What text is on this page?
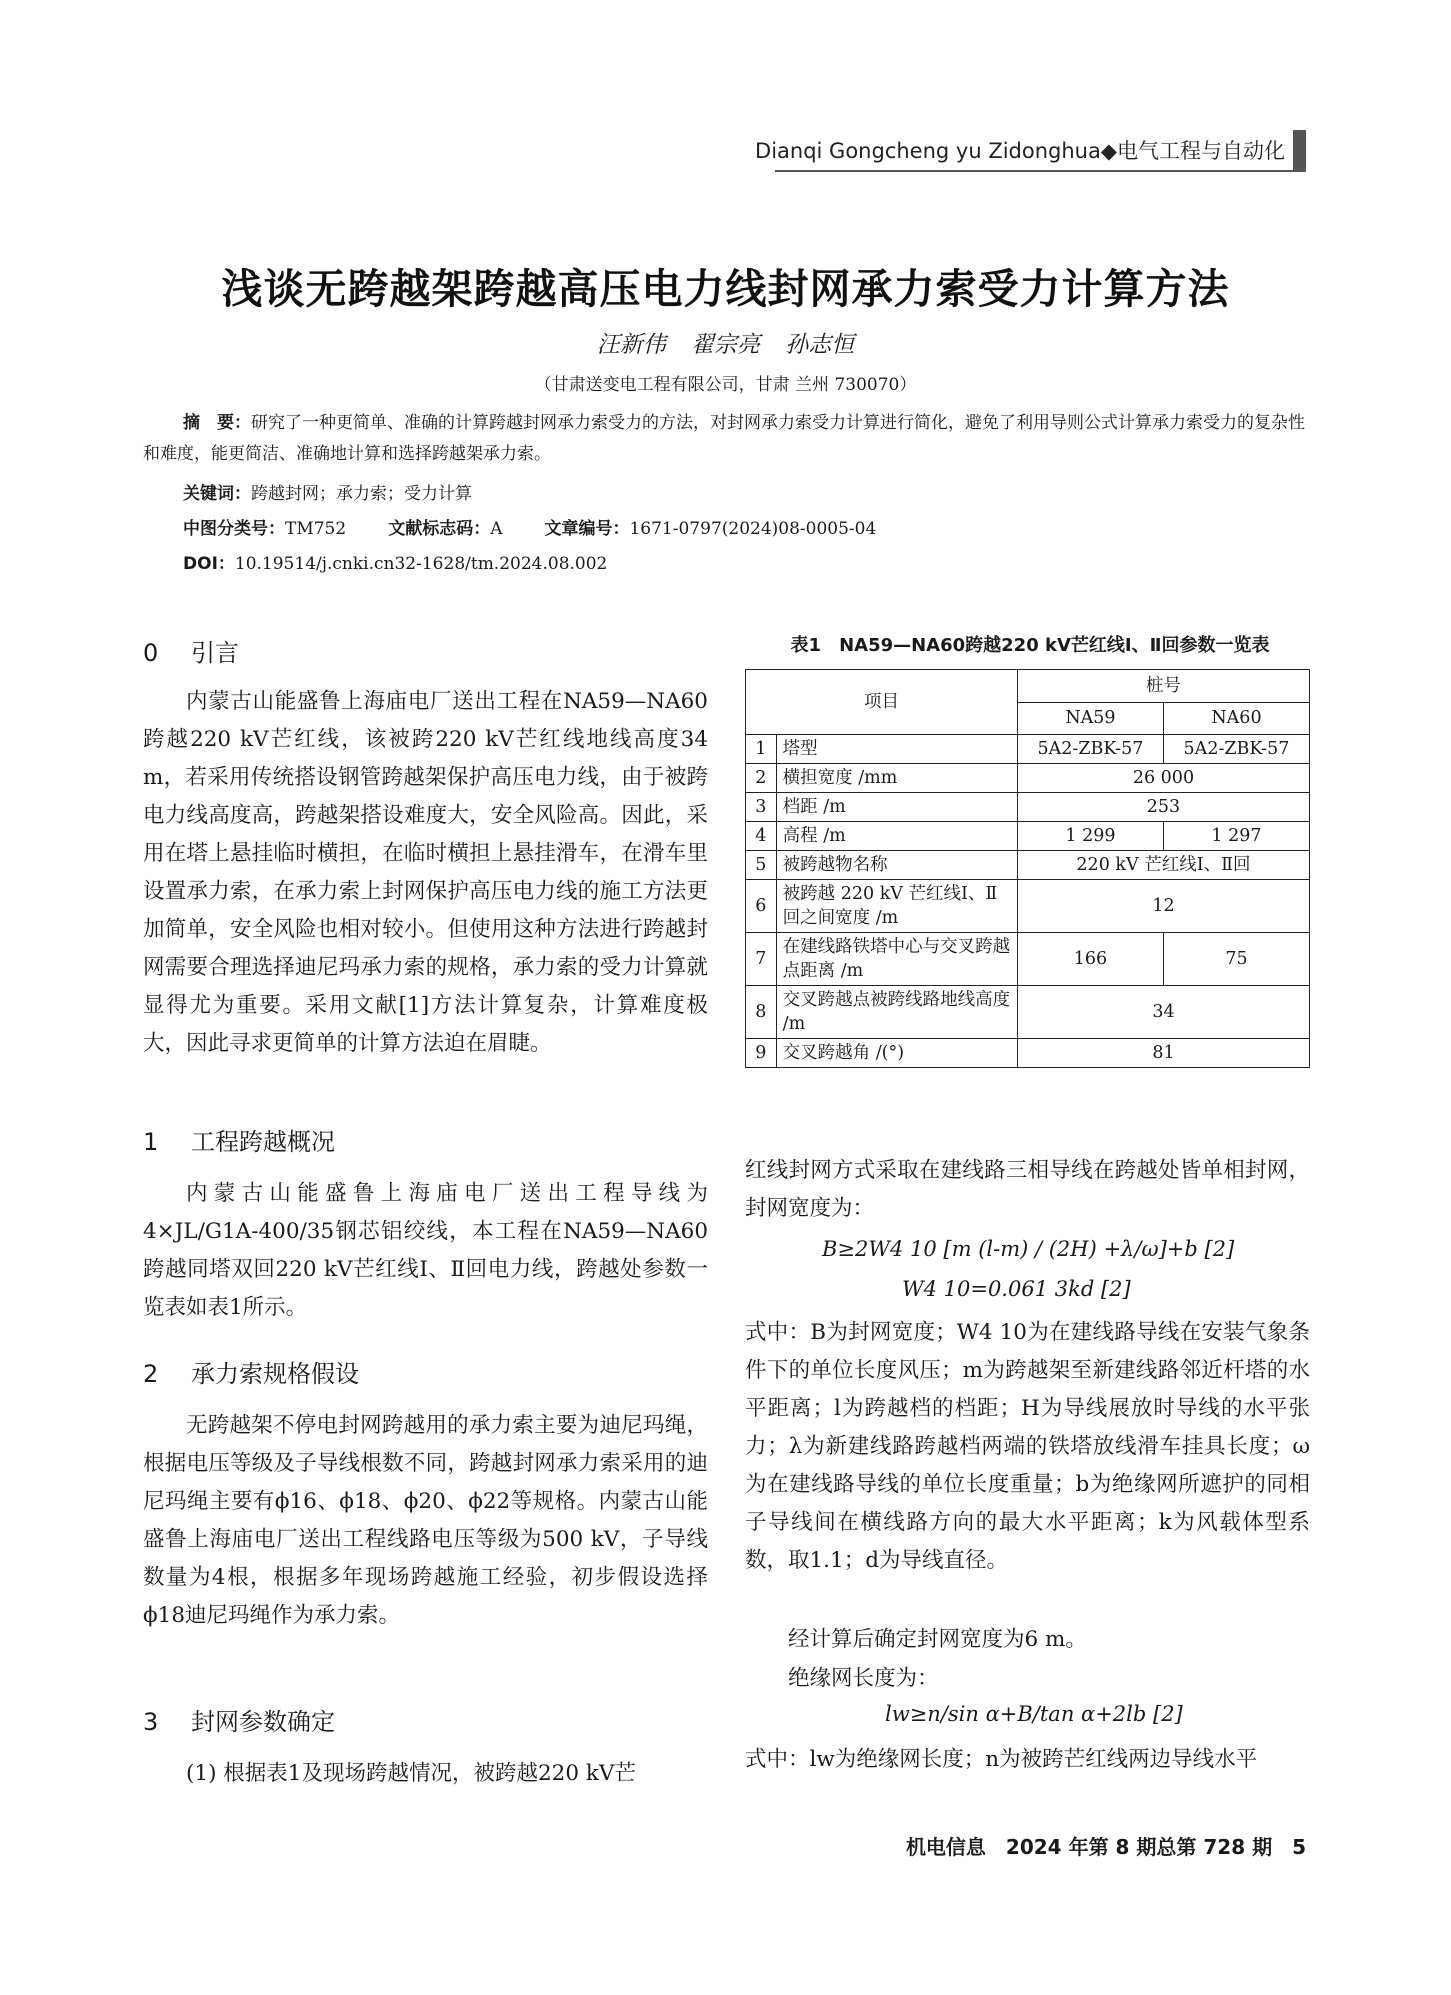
Dianqi Gongcheng yu Zidonghua◆电气工程与自动化
浅谈无跨越架跨越高压电力线封网承力索受力计算方法
汪新伟 翟宗亮 孙志恒
（甘肃送变电工程有限公司，甘肃 兰州 730070）
摘　要：研究了一种更简单、准确的计算跨越封网承力索受力的方法，对封网承力索受力计算进行简化，避免了利用导则公式计算承力索受力的复杂性和难度，能更简洁、准确地计算和选择跨越架承力索。
关键词：跨越封网；承力索；受力计算
中图分类号：TM752 文献标志码：A 文章编号：1671-0797(2024)08-0005-04
DOI：10.19514/j.cnki.cn32-1628/tm.2024.08.002
0 引言

内蒙古山能盛鲁上海庙电厂送出工程在NA59—NA60跨越220 kV芒红线，该被跨220 kV芒红线地线高度34 m，若采用传统搭设钢管跨越架保护高压电力线，由于被跨电力线高度高，跨越架搭设难度大，安全风险高。因此，采用在塔上悬挂临时横担，在临时横担上悬挂滑车，在滑车里设置承力索，在承力索上封网保护高压电力线的施工方法更加简单，安全风险也相对较小。但使用这种方法进行跨越封网需要合理选择迪尼玛承力索的规格，承力索的受力计算就显得尤为重要。采用文献[1]方法计算复杂，计算难度极大，因此寻求更简单的计算方法迫在眉睫。

1 工程跨越概况

内蒙古山能盛鲁上海庙电厂送出工程导线为4×JL/G1A-400/35钢芯铝绞线，本工程在NA59—NA60跨越同塔双回220 kV芒红线Ⅰ、Ⅱ回电力线，跨越处参数一览表如表1所示。

2 承力索规格假设

无跨越架不停电封网跨越用的承力索主要为迪尼玛绳，根据电压等级及子导线根数不同，跨越封网承力索采用的迪尼玛绳主要有ϕ16、ϕ18、ϕ20、ϕ22等规格。内蒙古山能盛鲁上海庙电厂送出工程线路电压等级为500 kV，子导线数量为4根，根据多年现场跨越施工经验，初步假设选择ϕ18迪尼玛绳作为承力索。

3 封网参数确定

(1) 根据表1及现场跨越情况，被跨越220 kV芒

表1　NA59—NA60跨越220 kV芒红线Ⅰ、Ⅱ回参数一览表
项目		桩号	
		NA59	NA60
1	塔型	5A2-ZBK-57	5A2-ZBK-57
2	横担宽度 /mm	26 000	
3	档距 /m	253	
4	高程 /m	1 299	1 297
5	被跨越物名称	220 kV 芒红线Ⅰ、Ⅱ回	
6	被跨越 220 kV 芒红线Ⅰ、Ⅱ回之间宽度 /m	12	
7	在建线路铁塔中心与交叉跨越点距离 /m	166	75
8	交叉跨越点被跨线路地线高度 /m	34	
9	交叉跨越角 /(°)	81	

红线封网方式采取在建线路三相导线在跨越处皆单相封网，封网宽度为：

B≥2W4 10 [m (l-m) / (2H) +λ/ω]+b [2]
W4 10=0.061 3kd [2]

式中：B为封网宽度；W4 10为在建线路导线在安装气象条件下的单位长度风压；m为跨越架至新建线路邻近杆塔的水平距离；l为跨越档的档距；H为导线展放时导线的水平张力；λ为新建线路跨越档两端的铁塔放线滑车挂具长度；ω为在建线路导线的单位长度重量；b为绝缘网所遮护的同相子导线间在横线路方向的最大水平距离；k为风载体型系数，取1.1；d为导线直径。

经计算后确定封网宽度为6 m。

绝缘网长度为：

lw≥n/sin α+B/tan α+2lb [2]

式中：lw为绝缘网长度；n为被跨芒红线两边导线水平

机电信息　2024 年第 8 期总第 728 期　5
